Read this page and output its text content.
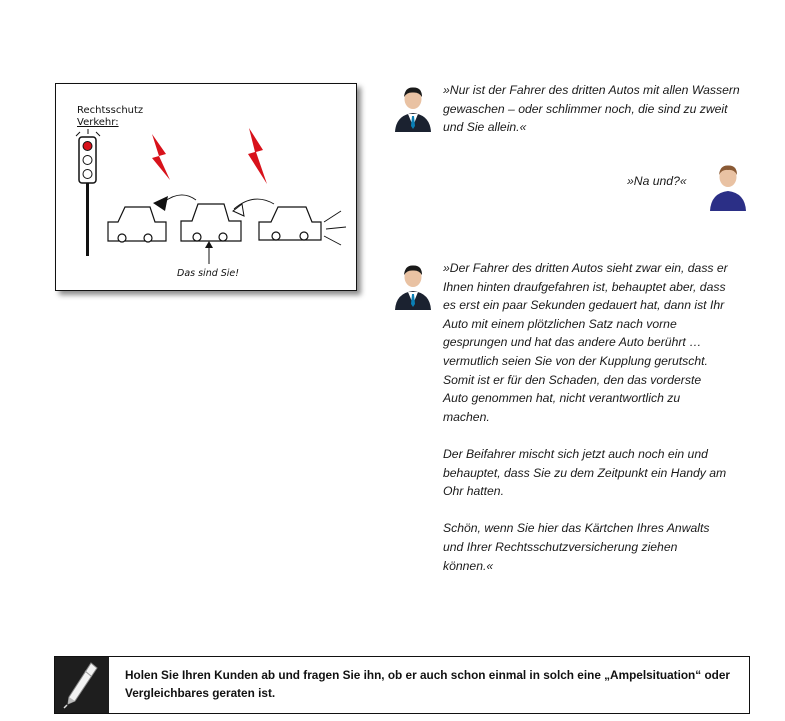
Rechtsschutz
Verkehr:
Das sind Sie!

»Nur ist der Fahrer des dritten Autos mit allen Wassern gewaschen – oder schlimmer noch, die sind zu zweit und Sie allein.«

»Na und?«

»Der Fahrer des dritten Autos sieht zwar ein, dass er Ihnen hinten draufgefahren ist, behauptet aber, dass es erst ein paar Sekunden gedauert hat, dann ist Ihr Auto mit einem plötzlichen Satz nach vorne gesprungen und hat das andere Auto berührt … vermutlich seien Sie von der Kupplung gerutscht. Somit ist er für den Schaden, den das vorderste Auto genommen hat, nicht verantwortlich zu machen.

Der Beifahrer mischt sich jetzt auch noch ein und behauptet, dass Sie zu dem Zeitpunkt ein Handy am Ohr hatten.

Schön, wenn Sie hier das Kärtchen Ihres Anwalts und Ihrer Rechtsschutzversicherung ziehen können.«

Holen Sie Ihren Kunden ab und fragen Sie ihn, ob er auch schon einmal in solch eine „Ampelsituation“ oder Vergleichbares geraten ist.
